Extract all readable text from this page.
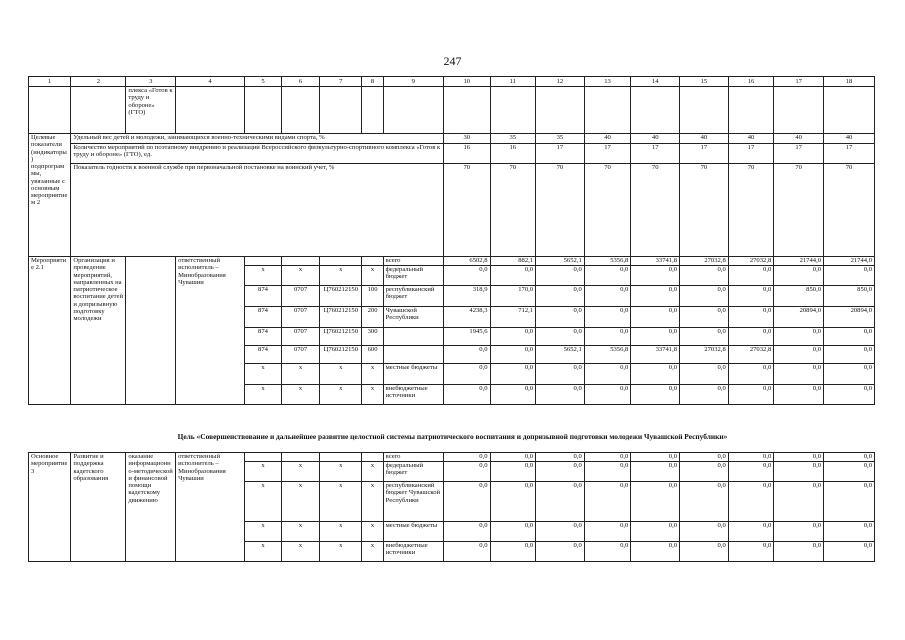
247
1	2	3	4	5	6	7	8	9	10	11	12	13	14	15	16	17	18
		плекса «Готов к труду и обороне» (ГТО)															
Целевые показатели (индикаторы) подпрограммы, увязанные с основным мероприятием 2	Удельный вес детей и молодежи, занимающихся военно-техническими видами спорта, %								30	35	35	40	40	40	40	40	40
	Количество мероприятий по поэтапному внедрению и реализации Всероссийского физкультурно-спортивного комплекса «Готов к труду и обороне» (ГТО), ед.								16	16	17	17	17	17	17	17	17
	Показатель годности к военной службе при первоначальной постановке на воинский учет, %								70	70	70	70	70	70	70	70	70
Мероприятие 2.1	Организация и проведение мероприятий, направленных на патриотическое воспитание детей и допризывную подготовку молодежи		ответственный исполнитель – Минобразования Чувашии					всего	6502,8	882,1	5652,1	5356,8	33741,8	27032,8	27032,8	21744,0	21744,0
				x	x	x	x	федеральный бюджет	0,0	0,0	0,0	0,0	0,0	0,0	0,0	0,0	0,0
				874	0707	Ц760212150	100	республиканский бюджет	318,9	170,0	0,0	0,0	0,0	0,0	0,0	850,0	850,0
				874	0707	Ц760212150	200	Чувашской Республики	4238,3	712,1	0,0	0,0	0,0	0,0	0,0	20894,0	20894,0
				874	0707	Ц760212150	300		1945,6	0,0	0,0	0,0	0,0	0,0	0,0	0,0	0,0
				874	0707	Ц760212150	600		0,0	0,0	5652,1	5356,8	33741,8	27032,8	27032,8	0,0	0,0
				x	x	x	x	местные бюджеты	0,0	0,0	0,0	0,0	0,0	0,0	0,0	0,0	0,0
				x	x	x	x	внебюджетные источники	0,0	0,0	0,0	0,0	0,0	0,0	0,0	0,0	0,0
Цель «Совершенствование и дальнейшее развитие целостной системы патриотического воспитания и допризывной подготовки молодежи Чувашской Республики»
Основное мероприятие 3	Развитие и поддержка кадетского образования	оказание информационно-методической и финансовой помощи кадетскому движению	ответственный исполнитель – Минобразования Чувашии					всего	0,0	0,0	0,0	0,0	0,0	0,0	0,0	0,0	0,0
				x	x	x	x	федеральный бюджет	0,0	0,0	0,0	0,0	0,0	0,0	0,0	0,0	0,0
				x	x	x	x	республиканский бюджет Чувашской Республики	0,0	0,0	0,0	0,0	0,0	0,0	0,0	0,0	0,0
				x	x	x	x	местные бюджеты	0,0	0,0	0,0	0,0	0,0	0,0	0,0	0,0	0,0
				x	x	x	x	внебюджетные источники	0,0	0,0	0,0	0,0	0,0	0,0	0,0	0,0	0,0
